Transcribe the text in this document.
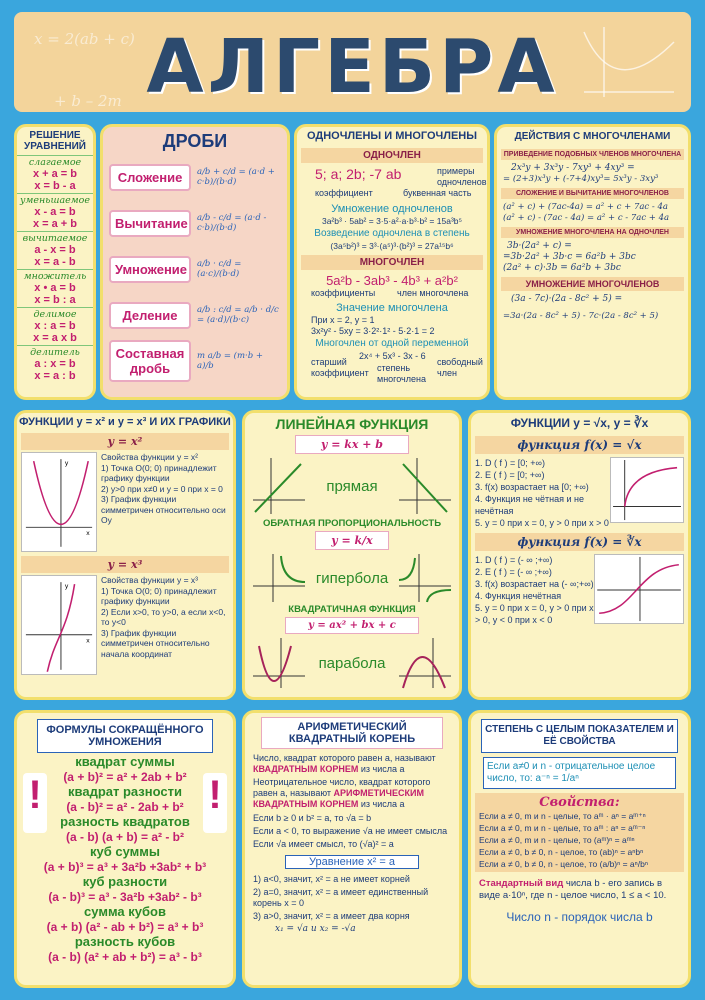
x = 2(ab + c)
+ b – 2m АЛГЕБРА
РЕШЕНИЕ УРАВНЕНИЙ
слагаемое
x + a = b
x = b - a
уменьшаемое
x - a = b
x = a + b
вычитаемое
a - x = b
x = a - b
множитель
x • a = b
x = b : a
делимое
x : a = b
x = a x b
делитель
a : x = b
x = a : b
ДРОБИ
Сложение	a/b + c/d = (a·d + c·b)/(b·d)
Вычитание	a/b - c/d = (a·d - c·b)/(b·d)
Умножение	a/b · c/d = (a·c)/(b·d)
Деление	a/b : c/d = a/b · d/c = (a·d)/(b·c)
Составная дробь
m a/b = (m·b + a)/b
ОДНОЧЛЕНЫ И МНОГОЧЛЕНЫ
ОДНОЧЛЕН
5; a; 2b; -7 ab	примеры одночленов
коэффициент	буквенная часть
Умножение одночленов
3a²b³ · 5ab² = 3·5·a²·a·b³·b² = 15a³b⁵
Возведение одночлена в степень
(3a⁵b²)³ = 3³·(a⁵)³·(b²)³ = 27a¹⁵b⁶
МНОГОЧЛЕН
5a²b - 3ab³ - 4b³ + a²b²
коэффициенты член многочлена
Значение многочлена
При x = 2, y = 1
3x²y² - 5xy = 3·2²·1² - 5·2·1 = 2
Многочлен от одной переменной
старший коэффициент
2x⁴ + 5x³ - 3x - 6
степень многочлена
свободный член
ДЕЙСТВИЯ С МНОГОЧЛЕНАМИ
ПРИВЕДЕНИЕ ПОДОБНЫХ ЧЛЕНОВ МНОГОЧЛЕНА
2x³y + 3x³y - 7xy³ + 4xy³ =
= (2+3)x³y + (-7+4)xy³= 5x³y - 3xy³
СЛОЖЕНИЕ И ВЫЧИТАНИЕ МНОГОЧЛЕНОВ
(a² + c) + (7ac-4a) = a² + c + 7ac - 4a
(a² + c) - (7ac - 4a) = a² + c - 7ac + 4a
УМНОЖЕНИЕ МНОГОЧЛЕНА НА ОДНОЧЛЕН
3b·(2a² + c) =
=3b·2a² + 3b·c = 6a²b + 3bc
(2a² + c)·3b = 6a²b + 3bc
УМНОЖЕНИЕ МНОГОЧЛЕНОВ
(3a - 7c)·(2a - 8c² + 5) =
=3a·(2a - 8c² + 5) - 7c·(2a - 8c² + 5)
ФУНКЦИИ y = x² и y = x³ И ИХ ГРАФИКИ
y = x²
y
x
Свойства функции y = x²
1) Точка O(0; 0) принадлежит графику функции
2) y>0 при x≠0 и y = 0 при x = 0
3) График функции симметричен относительно оси Oy
y = x³
y
x
Свойства функции y = x³
1) Точка O(0; 0) принадлежит графику функции
2) Если x>0, то y>0, а если x<0, то y<0
3) График функции симметричен относительно начала координат
ЛИНЕЙНАЯ ФУНКЦИЯ
y = kx + b
прямая
ОБРАТНАЯ ПРОПОРЦИОНАЛЬНОСТЬ
y = k/x
гипербола
КВАДРАТИЧНАЯ ФУНКЦИЯ
y = ax² + bx + c
парабола
ФУНКЦИИ y = √x, y = ∛x
функция f(x) = √x
1. D ( f ) = [0; +∞)
2. E ( f ) = [0; +∞)
3. f(x) возрастает на [0; +∞)
4. Функция не чётная и не нечётная
5. y = 0 при x = 0, y > 0 при x > 0
функция f(x) = ∛x
1. D ( f ) = (- ∞ ;+∞)
2. E ( f ) = (- ∞ ;+∞)
3. f(x) возрастает на (- ∞;+∞)
4. Функция нечётная
5. y = 0 при x = 0, y > 0 при x > 0, y < 0 при x < 0
ФОРМУЛЫ СОКРАЩЁННОГО УМНОЖЕНИЯ
!	!
квадрат суммы
(a + b)² = a² + 2ab + b²
квадрат разности
(a - b)² = a² - 2ab + b²
разность квадратов
(a - b) (a + b) = a² - b²
куб суммы
(a + b)³ = a³ + 3a²b +3ab² + b³
куб разности
(a - b)³ = a³ - 3a²b +3ab² - b³
сумма кубов
(a + b) (a² - ab + b²) = a³ + b³
разность кубов
(a - b) (a² + ab + b²) = a³ - b³
АРИФМЕТИЧЕСКИЙ КВАДРАТНЫЙ КОРЕНЬ
Число, квадрат которого равен a, называют КВАДРАТНЫМ КОРНЕМ из числа a
Неотрицательное число, квадрат которого равен a, называют АРИФМЕТИЧЕСКИМ КВАДРАТНЫМ КОРНЕМ из числа a
Если b ≥ 0 и b² = a, то √a = b
Если a < 0, то выражение √a не имеет смысла
Если √a имеет смысл, то (√a)² = a
Уравнение x² = a
1) a<0, значит, x² = a не имеет корней
2) a=0, значит, x² = a имеет единственный корень x = 0
3) a>0, значит, x² = a имеет два корня
x₁ = √a и x₂ = -√a
СТЕПЕНЬ С ЦЕЛЫМ ПОКАЗАТЕЛЕМ И ЕЁ СВОЙСТВА
Если a≠0 и n - отрицательное целое число, то: a⁻ⁿ = 1/aⁿ
Свойства:
Если a ≠ 0, m и n - целые, то aᵐ · aⁿ = aᵐ⁺ⁿ
Если a ≠ 0, m и n - целые, то aᵐ : aⁿ = aᵐ⁻ⁿ
Если a ≠ 0, m и n - целые, то (aᵐ)ⁿ = aᵐⁿ
Если a ≠ 0, b ≠ 0, n - целое, то (ab)ⁿ = aⁿbⁿ
Если a ≠ 0, b ≠ 0, n - целое, то (a/b)ⁿ = aⁿ/bⁿ
Стандартный вид числа b - его запись в виде a·10ⁿ, где n - целое число, 1 ≤ a < 10.
Число n - порядок числа b
